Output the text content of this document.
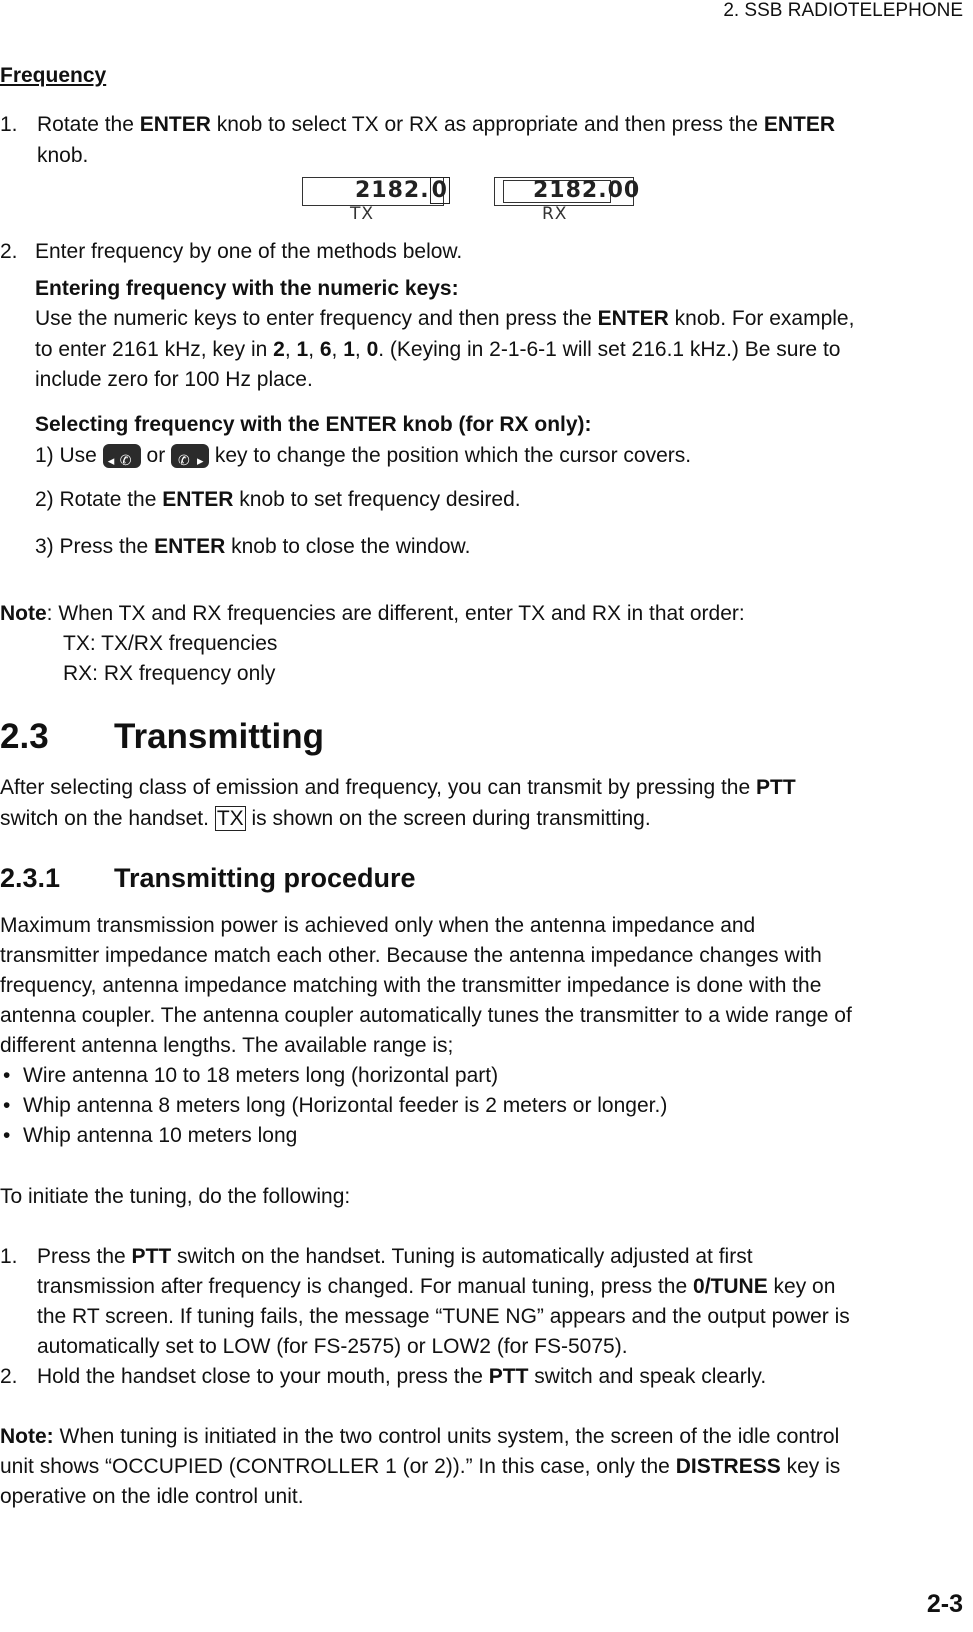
2. SSB RADIOTELEPHONE
Frequency
1. Rotate the ENTER knob to select TX or RX as appropriate and then press the ENTER
knob.
2182.0
TX
2182.00
RX
2. Enter frequency by one of the methods below.
Entering frequency with the numeric keys:
Use the numeric keys to enter frequency and then press the ENTER knob. For example,
to enter 2161 kHz, key in 2, 1, 6, 1, 0. (Keying in 2-1-6-1 will set 216.1 kHz.) Be sure to
include zero for 100 Hz place.
Selecting frequency with the ENTER knob (for RX only):
1) Use ◂ ✆ or ✆ ▸ key to change the position which the cursor covers.
2) Rotate the ENTER knob to set frequency desired.
3) Press the ENTER knob to close the window.
Note: When TX and RX frequencies are different, enter TX and RX in that order:
TX: TX/RX frequencies
RX: RX frequency only
2.3 Transmitting
After selecting class of emission and frequency, you can transmit by pressing the PTT
switch on the handset. TX is shown on the screen during transmitting.
2.3.1 Transmitting procedure
Maximum transmission power is achieved only when the antenna impedance and
transmitter impedance match each other. Because the antenna impedance changes with
frequency, antenna impedance matching with the transmitter impedance is done with the
antenna coupler. The antenna coupler automatically tunes the transmitter to a wide range of
different antenna lengths. The available range is;
• Wire antenna 10 to 18 meters long (horizontal part)
• Whip antenna 8 meters long (Horizontal feeder is 2 meters or longer.)
• Whip antenna 10 meters long
To initiate the tuning, do the following:
1. Press the PTT switch on the handset. Tuning is automatically adjusted at first
transmission after frequency is changed. For manual tuning, press the 0/TUNE key on
the RT screen. If tuning fails, the message “TUNE NG” appears and the output power is
automatically set to LOW (for FS-2575) or LOW2 (for FS-5075).
2. Hold the handset close to your mouth, press the PTT switch and speak clearly.
Note: When tuning is initiated in the two control units system, the screen of the idle control
unit shows “OCCUPIED (CONTROLLER 1 (or 2)).” In this case, only the DISTRESS key is
operative on the idle control unit.
2-3
